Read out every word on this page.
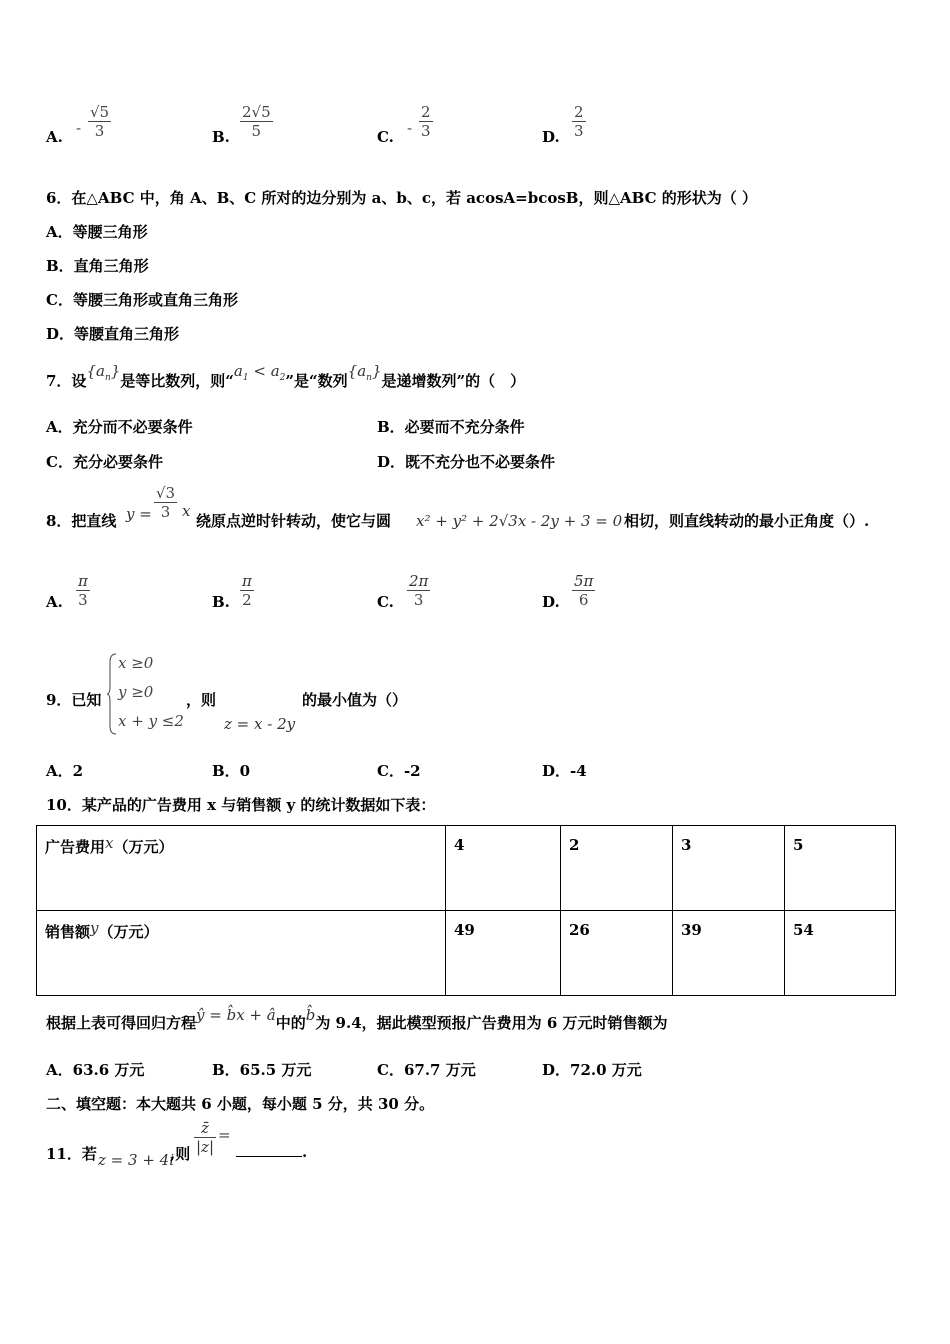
A. -
√5
3	B.
2√5
5	C. -
2
3	D.
2
3
6．在△ABC 中，角 A、B、C 所对的边分别为 a、b、c，若 acosA=bcosB，则△ABC 的形状为（ ）
A．等腰三角形
B．直角三角形
C．等腰三角形或直角三角形
D．等腰直角三角形
7．设$\{a_n\}$是等比数列，则“$a_1 < a_2$”是“数列$\{a_n\}$是递增数列”的（　）
A．充分而不必要条件	B．必要而不充分条件
C．充分必要条件	D．既不充分也不必要条件
8．把直线 y =
√3
3 x
绕原点逆时针转动，使它与圆 x² + y² + 2√3x - 2y + 3 = 0 相切，则直线转动的最小正角度（）.
A.
π
3	B.
π
2	C.
2π
3	D.
5π
6
9．已知
x ≥0
y ≥0
x + y ≤2
，则
z = x - 2y
的最小值为（）
A．2	B．0	C．-2	D．-4
10．某产品的广告费用 x 与销售额 y 的统计数据如下表：
广告费用x（万元）	4	2	3	5
销售额y（万元）	49	26	39	54
根据上表可得回归方程ŷ = b̂x + â中的b̂为 9.4，据此模型预报广告费用为 6 万元时销售额为
A．63.6 万元	B．65.5 万元	C．67.7 万元	D．72.0 万元
二、填空题：本大题共 6 小题，每小题 5 分，共 30 分。
11．若 z = 3 + 4i
,则
z̄
|z|
=
.
